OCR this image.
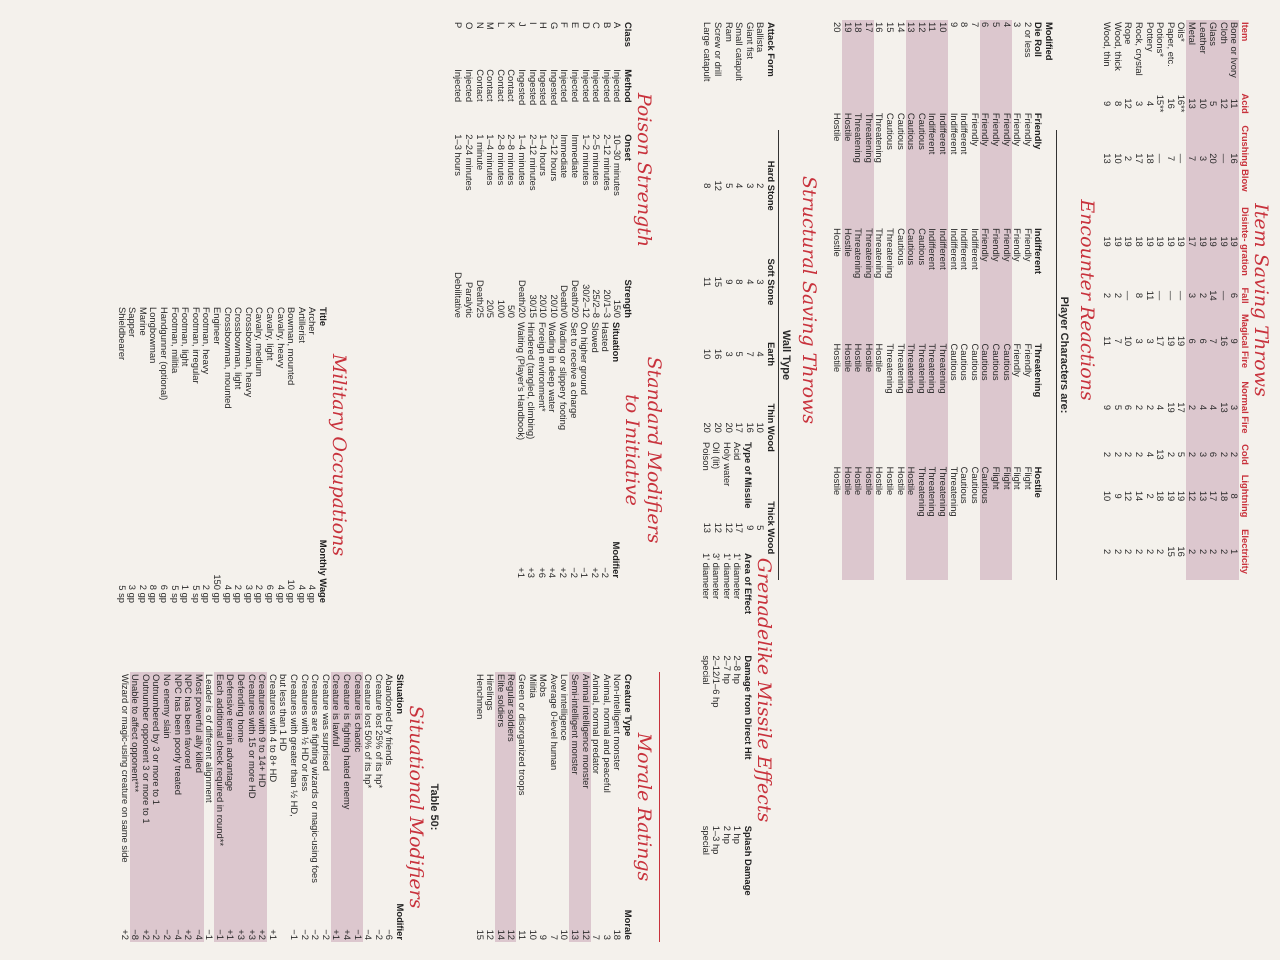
Item Saving Throws
Item	Acid	Crushing Blow	Disinte- gration	Fall	Magical Fire	Normal Fire	Cold	Lightning	Electricity
Bone or Ivory	11	16	19	6	9	3	2	8	1
Cloth	12	—	19	—	16	13	2	18	2
Glass	5	20	19	14	7	4	6	17	2
Leather	10	3	19	2	6	4	3	13	2
Metal	13	7	17	3	6	2	2	12	2
Oils*	16**	—	19	—	19	17	5	19	16
Paper, etc.	16	7	19	—	19	19	2	19	15
Potions*	15**	—	19	—	17	4	13	18	2
Pottery	4	18	19	11	3	2	4	2	2
Rock, crystal	3	17	18	8	3	2	2	14	2
Rope	12	2	19	—	10	6	2	12	2
Wood, thick	8	10	19	2	7	5	2	9	2
Wood, thin	9	13	19	2	11	9	2	10	2
Encounter Reactions
Player Characters are:
Modified				
Die Roll	Friendly	Indifferent	Threatening	Hostile
2 or less	Friendly	Friendly	Friendly	Flight
3	Friendly	Friendly	Friendly	Flight
4	Friendly	Friendly	Cautious	Flight
5	Friendly	Friendly	Cautious	Flight
6	Friendly	Friendly	Cautious	Cautious
7	Friendly	Indifferent	Cautious	Cautious
8	Indifferent	Indifferent	Cautious	Cautious
9	Indifferent	Indifferent	Cautious	Threatening
10	Indifferent	Indifferent	Threatening	Threatening
11	Indifferent	Indifferent	Threatening	Threatening
12	Cautious	Cautious	Threatening	Threatening
13	Cautious	Cautious	Threatening	Hostile
14	Cautious	Cautious	Threatening	Hostile
15	Cautious	Threatening	Threatening	Hostile
16	Threatening	Threatening	Hostile	Hostile
17	Threatening	Threatening	Hostile	Hostile
18	Threatening	Threatening	Hostile	Hostile
19	Hostile	Hostile	Hostile	Hostile
20	Hostile	Hostile	Hostile	Hostile
Structural Saving Throws
Wall Type
Attack Form	Hard Stone	Soft Stone	Earth	Thin Wood	Thick Wood
Ballista	2	3	4	10	5
Giant fist	3	4	7	16	9
Small catapult	4	8	5	17	17
Ram	5	9	3	20	12
Screw or drill	12	15	16	20	12
Large catapult	8	11	10	20	13
Grenadelike Missile Effects
Type of Missile	Area of Effect	Damage from Direct Hit	Splash Damage
Acid	1' diameter	2–8 hp	1 hp
Holy water	1' diameter	2–7 hp	2 hp
Oil (lit)	3' diameter	2–12/1–6 hp	1–3 hp
Poison	1' diameter	special	special
Poison Strength
Class	Method	Onset	Strength
A	Injected	10–30 minutes	15/0
B	Injected	2–12 minutes	20/1–3
C	Injected	2–5 minutes	25/2–8
D	Injected	1–2 minutes	30/2–12
E	Injected	Immediate	Death/20
F	Injected	Immediate	Death/0
G	Ingested	2–12 hours	20/10
H	Ingested	1–4 hours	20/10
I	Ingested	2–12 minutes	30/15
J	Ingested	1–4 minutes	Death/20
K	Contact	2–8 minutes	5/0
L	Contact	2–8 minutes	10/0
M	Contact	1–4 minutes	20/5
N	Contact	1 minute	Death/25
O	Injected	2–24 minutes	Paralytic
P	Injected	1–3 hours	Debilitative
Standard Modifiers
to Initiative
Situation	Modifier
Hasted	−2
Slowed	+2
On higher ground	−1
Set to receive a charge	−2
Wading or slippery footing	+2
Wading in deep water	+4
Foreign environment*	+6
Hindered (tangled, climbing)	+3
Waiting (Player's Handbook)	+1
Morale Ratings
Creature Type	Morale
Non-intelligent monster	18
Animal, normal and peaceful	3
Animal, normal predator	7
Animal intelligence monster	12
Semi-intelligent monster	13
Low intelligence	10
Average 0-level human	7
Mobs	9
Militia	10
Green or disorganized troops	11
Regular soldiers	12
Elite soldiers	14
Hirelings	12
Henchmen	15
Table 50:
Situational Modifiers
Situation	Modifier
Abandoned by friends	−6
Creature lost 25% of its hp*	−2
Creature lost 50% of its hp*	−4
Creature is chaotic	−1
Creature is fighting hated enemy	+4
Creature is lawful	+1
Creature was surprised	−2
Creatures are fighting wizards or magic-using foes	−2
Creatures with ½ HD or less	−2
Creatures with greater than ½ HD,	−1
but less than 1 HD	
Creatures with 4 to 8+ HD	+1
Creatures with 9 to 14+ HD	+2
Creatures with 15 or more HD	+3
Defending home	+3
Defensive terrain advantage	+1
Each additional check required in round**	−1
Leader is of different alignment	−1
Most powerful ally killed	−4
NPC has been favored	+2
NPC has been poorly treated	−4
No enemy slain	−2
Outnumbered by 3 or more to 1	−2
Outnumber opponent 3 or more to 1	+2
Unable to affect opponent***	−8
Wizard or magic-using creature on same side	+2
Military Occupations
Title	Monthly Wage
Archer	4 gp
Artillerist	4 gp
Bowman, mounted	10 gp
Cavalry, heavy	4 gp
Cavalry, light	6 gp
Cavalry, medium	2 gp
Crossbowman, heavy	3 gp
Crossbowman, light	2 gp
Crossbowman, mounted	4 gp
Engineer	150 gp
Footman, heavy	2 gp
Footman, irregular	5 sp
Footman, light	1 gp
Footman, militia	5 sp
Handgunner (optional)	6 gp
Longbowman	8 gp
Marine	2 gp
Sapper	3 gp
Shieldbearer	5 sp
